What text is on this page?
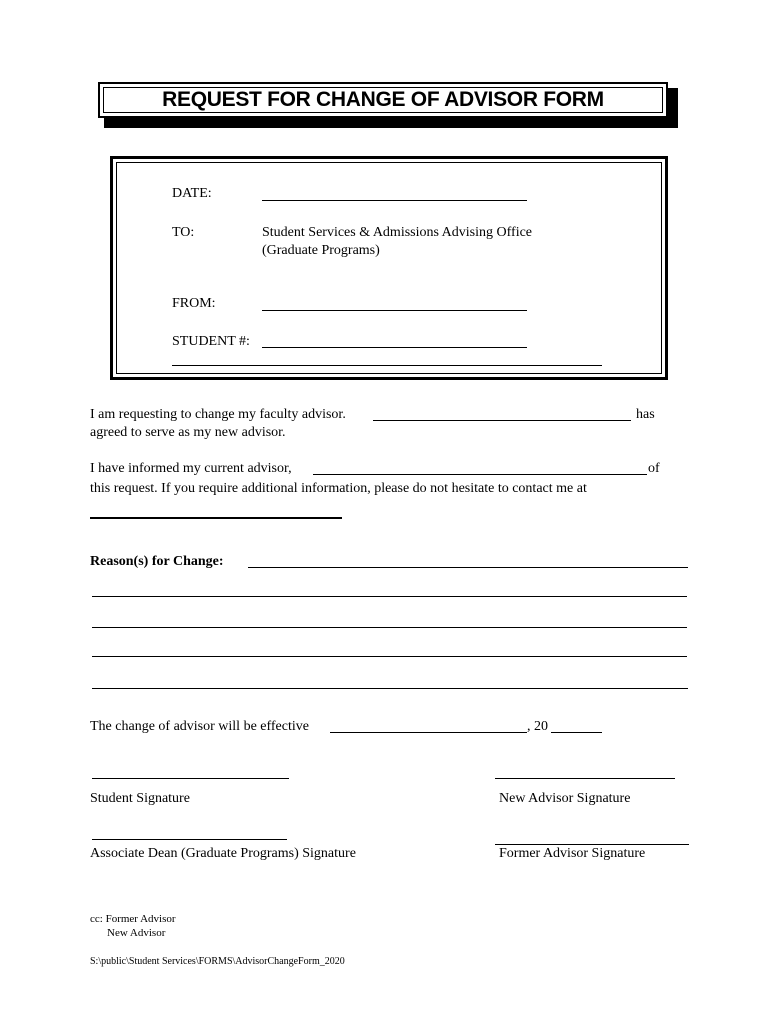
REQUEST FOR CHANGE OF ADVISOR FORM
DATE:
TO:	Student Services & Admissions Advising Office
(Graduate Programs)
FROM:
STUDENT #:
I am requesting to change my faculty advisor.	has
agreed to serve as my new advisor.
I have informed my current advisor,	of
this request. If you require additional information, please do not hesitate to contact me at
Reason(s) for Change:
The change of advisor will be effective	, 20
Student Signature	New Advisor Signature
Associate Dean (Graduate Programs) Signature	Former Advisor Signature
cc: Former Advisor
New Advisor
S:\public\Student Services\FORMS\AdvisorChangeForm_2020
